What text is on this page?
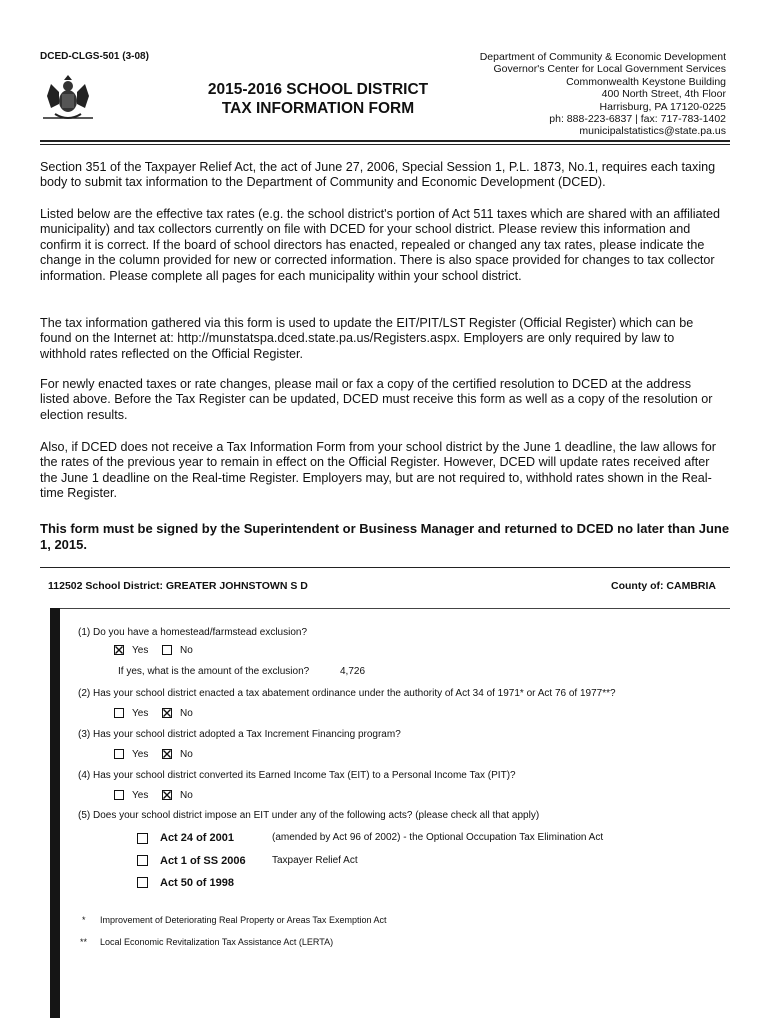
DCED-CLGS-501 (3-08)
2015-2016 SCHOOL DISTRICT
TAX INFORMATION FORM
Department of Community & Economic Development
Governor's Center for Local Government Services
Commonwealth Keystone Building
400 North Street, 4th Floor
Harrisburg, PA 17120-0225
ph: 888-223-6837 | fax: 717-783-1402
municipalstatistics@state.pa.us
Section 351 of the Taxpayer Relief Act, the act of June 27, 2006, Special Session 1, P.L. 1873, No.1, requires each taxing body to submit tax information to the Department of Community and Economic Development (DCED).
Listed below are the effective tax rates (e.g. the school district's portion of Act 511 taxes which are shared with an affiliated municipality) and tax collectors currently on file with DCED for your school district. Please review this information and confirm it is correct. If the board of school directors has enacted, repealed or changed any tax rates, please indicate the change in the column provided for new or corrected information. There is also space provided for changes to tax collector information. Please complete all pages for each municipality within your school district.
The tax information gathered via this form is used to update the EIT/PIT/LST Register (Official Register) which can be found on the Internet at: http://munstatspa.dced.state.pa.us/Registers.aspx. Employers are only required by law to withhold rates reflected on the Official Register.
For newly enacted taxes or rate changes, please mail or fax a copy of the certified resolution to DCED at the address listed above. Before the Tax Register can be updated, DCED must receive this form as well as a copy of the resolution or election results.
Also, if DCED does not receive a Tax Information Form from your school district by the June 1 deadline, the law allows for the rates of the previous year to remain in effect on the Official Register. However, DCED will update rates received after the June 1 deadline on the Real-time Register. Employers may, but are not required to, withhold rates shown in the Real-time Register.
This form must be signed by the Superintendent or Business Manager and returned to DCED no later than June 1, 2015.
112502 School District: GREATER JOHNSTOWN S D	County of: CAMBRIA
(1) Do you have a homestead/farmstead exclusion?
Yes	No
If yes, what is the amount of the exclusion?	4,726
(2) Has your school district enacted a tax abatement ordinance under the authority of Act 34 of 1971* or Act 76 of 1977**?
Yes	No
(3) Has your school district adopted a Tax Increment Financing program?
Yes	No
(4) Has your school district converted its Earned Income Tax (EIT) to a Personal Income Tax (PIT)?
Yes	No
(5) Does your school district impose an EIT under any of the following acts? (please check all that apply)
Act 24 of 2001	(amended by Act 96 of 2002) - the Optional Occupation Tax Elimination Act
Act 1 of SS 2006	Taxpayer Relief Act
Act 50 of 1998
* Improvement of Deteriorating Real Property or Areas Tax Exemption Act
** Local Economic Revitalization Tax Assistance Act (LERTA)
